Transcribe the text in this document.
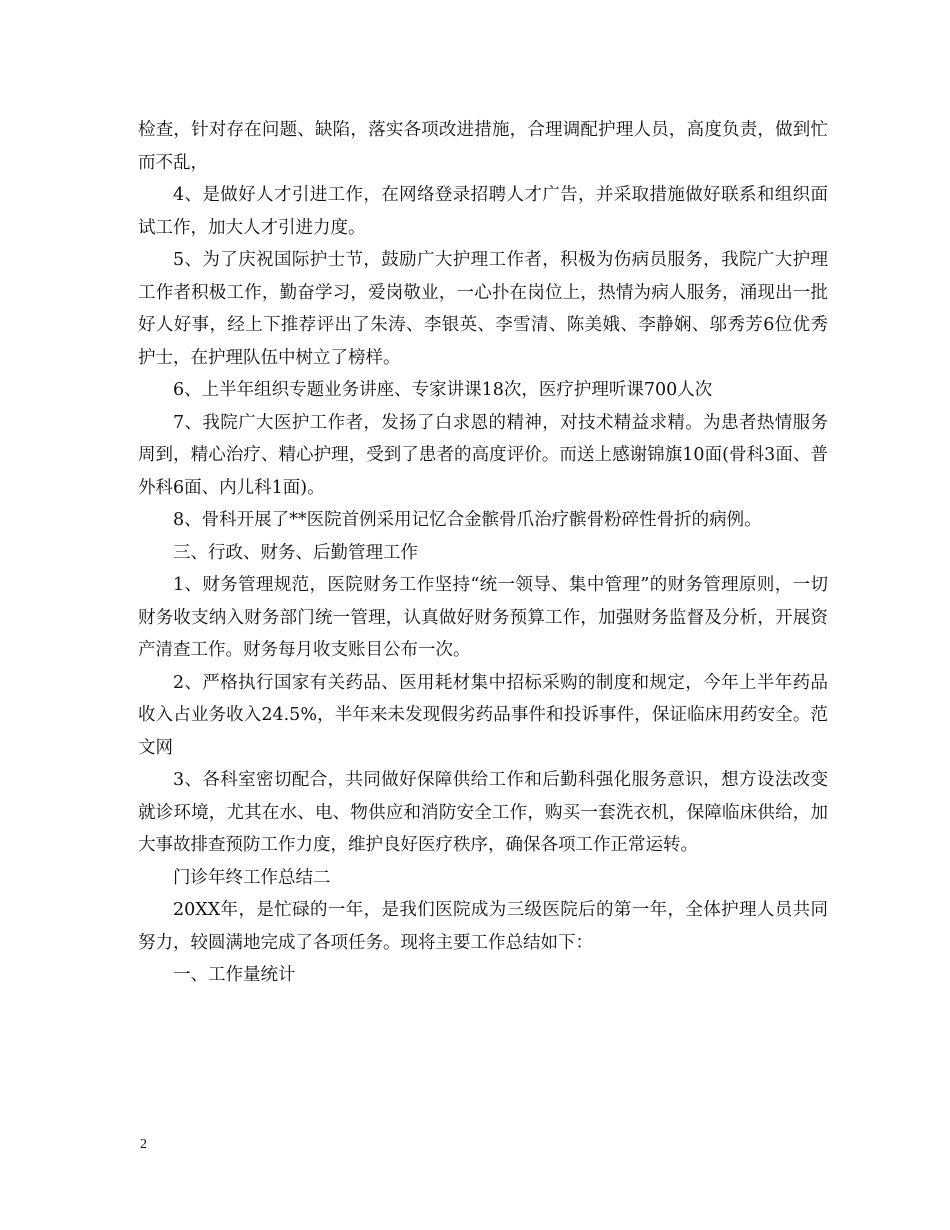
检查，针对存在问题、缺陷，落实各项改进措施，合理调配护理人员，高度负责，做到忙而不乱，

4、是做好人才引进工作，在网络登录招聘人才广告，并采取措施做好联系和组织面试工作，加大人才引进力度。

5、为了庆祝国际护士节，鼓励广大护理工作者，积极为伤病员服务，我院广大护理工作者积极工作，勤奋学习，爱岗敬业，一心扑在岗位上，热情为病人服务，涌现出一批好人好事，经上下推荐评出了朱涛、李银英、李雪清、陈美娥、李静娴、邬秀芳6位优秀护士，在护理队伍中树立了榜样。

6、上半年组织专题业务讲座、专家讲课18次，医疗护理听课700人次

7、我院广大医护工作者，发扬了白求恩的精神，对技术精益求精。为患者热情服务周到，精心治疗、精心护理，受到了患者的高度评价。而送上感谢锦旗10面(骨科3面、普外科6面、内儿科1面)。

8、骨科开展了**医院首例采用记忆合金髌骨爪治疗髌骨粉碎性骨折的病例。

三、行政、财务、后勤管理工作

1、财务管理规范，医院财务工作坚持“统一领导、集中管理”的财务管理原则，一切财务收支纳入财务部门统一管理，认真做好财务预算工作，加强财务监督及分析，开展资产清查工作。财务每月收支账目公布一次。

2、严格执行国家有关药品、医用耗材集中招标采购的制度和规定，今年上半年药品收入占业务收入24.5%，半年来未发现假劣药品事件和投诉事件，保证临床用药安全。范文网

3、各科室密切配合，共同做好保障供给工作和后勤科强化服务意识，想方设法改变就诊环境，尤其在水、电、物供应和消防安全工作，购买一套洗衣机，保障临床供给，加大事故排查预防工作力度，维护良好医疗秩序，确保各项工作正常运转。

门诊年终工作总结二

20XX年，是忙碌的一年，是我们医院成为三级医院后的第一年，全体护理人员共同努力，较圆满地完成了各项任务。现将主要工作总结如下：

一、工作量统计

2
